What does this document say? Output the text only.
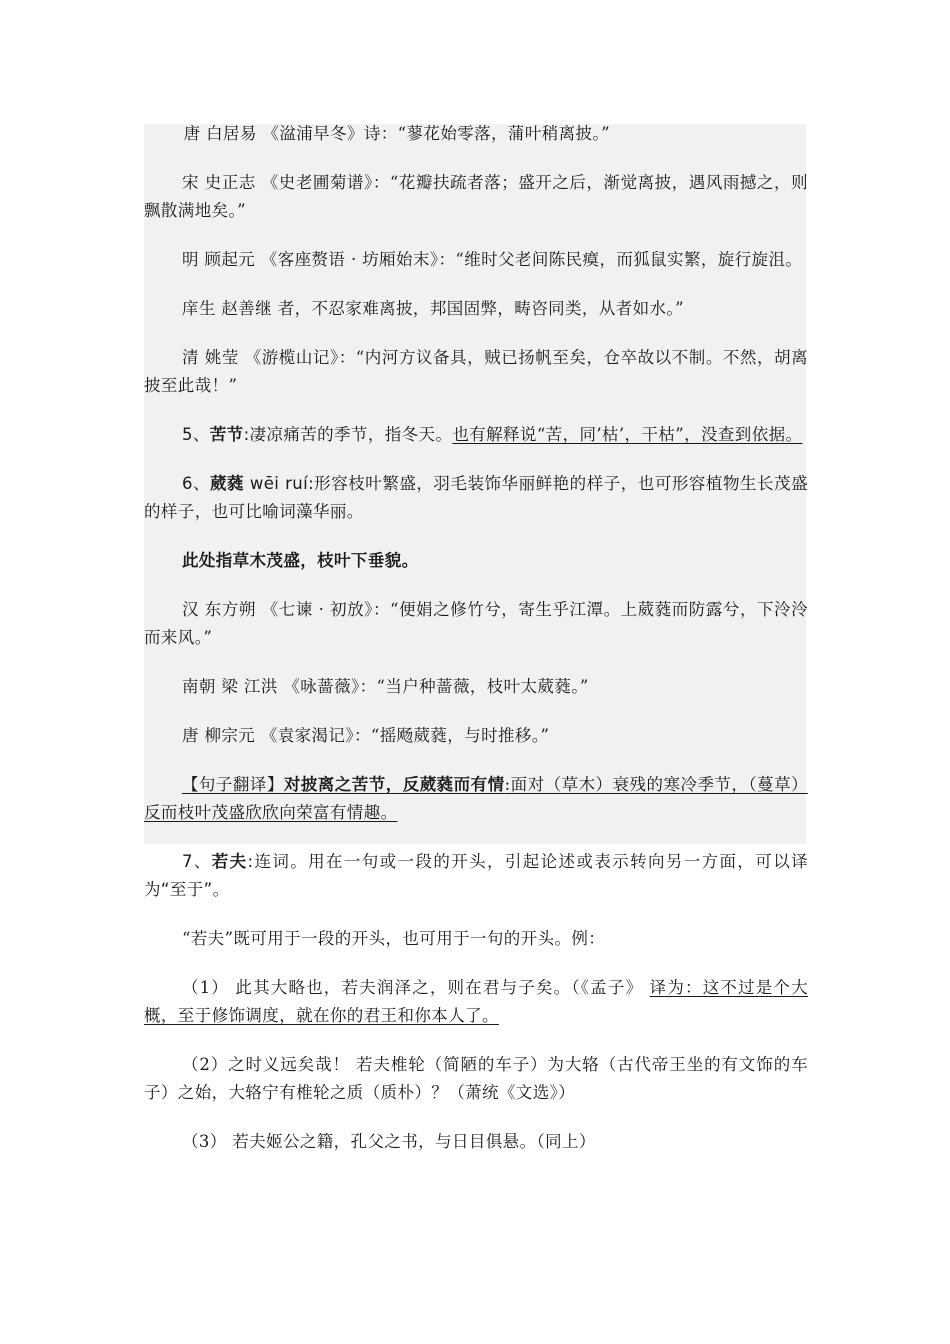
唐 白居易 《湓浦早冬》诗：“蓼花始零落，蒲叶稍离披。”

宋 史正志 《史老圃菊谱》：“花瓣扶疏者落；盛开之后，渐觉离披，遇风雨撼之，则飘散满地矣。”

明 顾起元 《客座赘语 · 坊厢始末》：“维时父老间陈民瘼，而狐鼠实繁，旋行旋沮。

庠生 赵善继 者，不忍家难离披，邦国固弊，畴咨同类，从者如水。”

清 姚莹 《游榄山记》：“内河方议备具，贼已扬帆至矣，仓卒故以不制。不然，胡离披至此哉！”

5、苦节:凄凉痛苦的季节，指冬天。也有解释说“苦，同’枯’，干枯”，没查到依据。

6、葳蕤 wēi ruí:形容枝叶繁盛，羽毛装饰华丽鲜艳的样子，也可形容植物生长茂盛的样子，也可比喻词藻华丽。

此处指草木茂盛，枝叶下垂貌。

汉 东方朔 《七谏 · 初放》：“便娟之修竹兮，寄生乎江潭。上葳蕤而防露兮，下泠泠而来风。”

南朝 梁 江洪 《咏蔷薇》：“当户种蔷薇，枝叶太葳蕤。”

唐 柳宗元 《袁家渴记》：“摇飏葳蕤，与时推移。”

【句子翻译】对披离之苦节，反葳蕤而有情:面对（草木）衰残的寒冷季节，（蔓草）反而枝叶茂盛欣欣向荣富有情趣。

7、若夫:连词。用在一句或一段的开头，引起论述或表示转向另一方面，可以译为“至于”。

“若夫”既可用于一段的开头，也可用于一句的开头。例：

（1） 此其大略也，若夫润泽之，则在君与子矣。（《孟子》 译为：这不过是个大概，至于修饰调度，就在你的君王和你本人了。

（2）之时义远矣哉！ 若夫椎轮（简陋的车子）为大辂（古代帝王坐的有文饰的车子）之始，大辂宁有椎轮之质（质朴）？（萧统《文选》）

（3） 若夫姬公之籍，孔父之书，与日目俱悬。（同上）
